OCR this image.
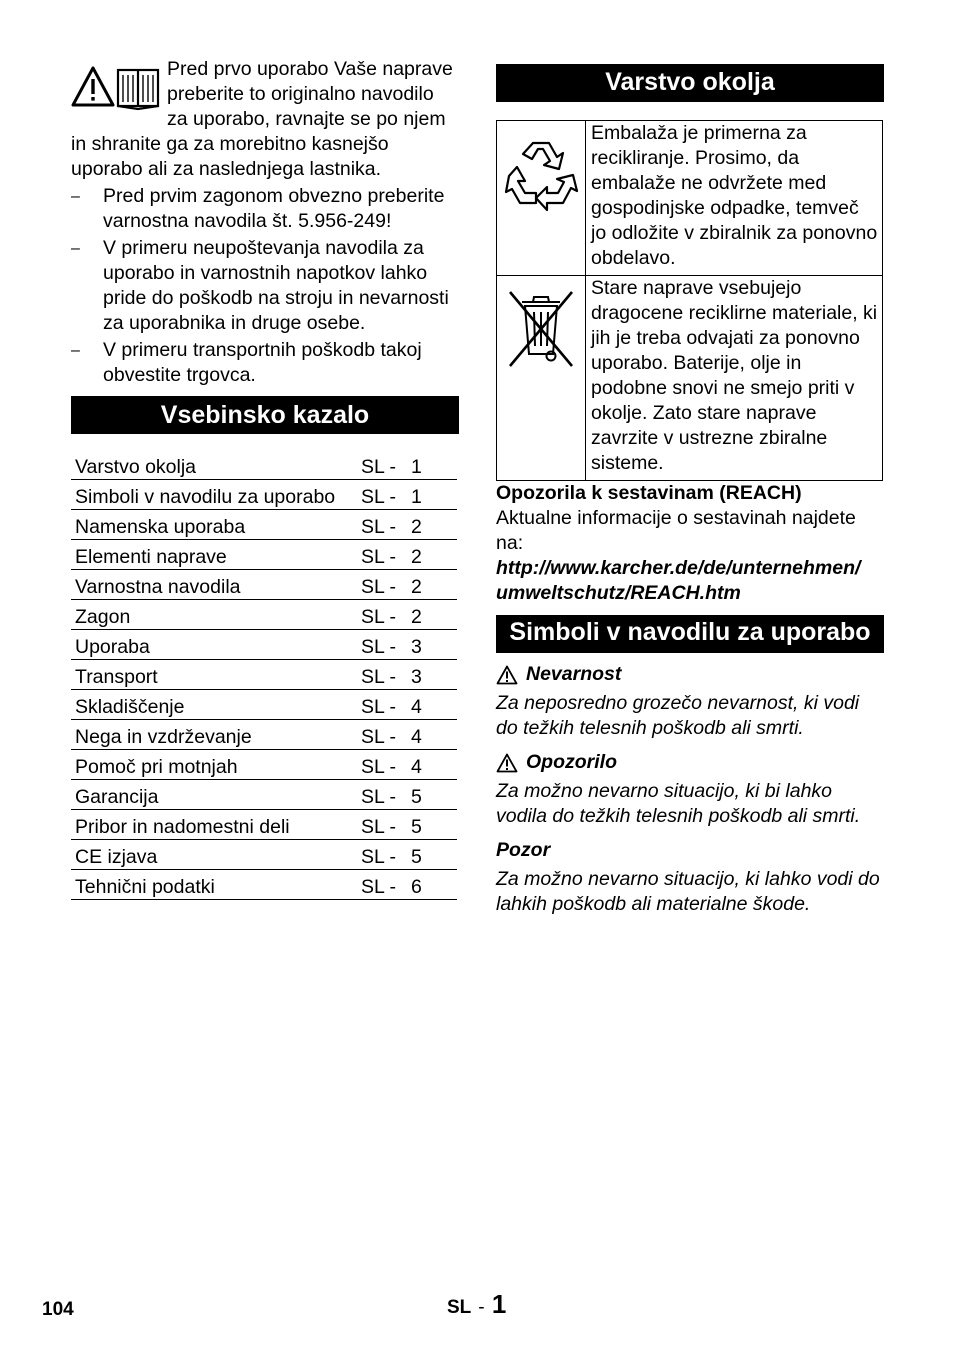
Pred prvo uporabo Vaše naprave preberite to originalno navodilo za uporabo, ravnajte se po njem in shranite ga za morebitno kasnejšo uporabo ali za naslednjega lastnika.

– Pred prvim zagonom obvezno preberite varnostna navodila št. 5.956-249!
– V primeru neupoštevanja navodila za uporabo in varnostnih napotkov lahko pride do poškodb na stroju in nevarnosti za uporabnika in druge osebe.
– V primeru transportnih poškodb takoj obvestite trgovca.
Vsebinsko kazalo
Varstvo okolja	SL - 1
Simboli v navodilu za uporabo	SL - 1
Namenska uporaba	SL - 2
Elementi naprave	SL - 2
Varnostna navodila	SL - 2
Zagon	SL - 2
Uporaba	SL - 3
Transport	SL - 3
Skladiščenje	SL - 4
Nega in vzdrževanje	SL - 4
Pomoč pri motnjah	SL - 4
Garancija	SL - 5
Pribor in nadomestni deli	SL - 5
CE izjava	SL - 5
Tehnični podatki	SL - 6
Varstvo okolja
	Embalaža je primerna za recikliranje. Prosimo, da embalaže ne odvržete med gospodinjske odpadke, temveč jo odložite v zbiralnik za ponovno obdelavo.

	Stare naprave vsebujejo dragocene reciklirne materiale, ki jih je treba odvajati za ponovno uporabo. Baterije, olje in podobne snovi ne smejo priti v okolje. Zato stare naprave zavrzite v ustrezne zbiralne sisteme.

Opozorila k sestavinam (REACH)

Aktualne informacije o sestavinah najdete na:

http://www.karcher.de/de/unternehmen/
umweltschutz/REACH.htm

Simboli v navodilu za uporabo
Nevarnost

Za neposredno grozečo nevarnost, ki vodi do težkih telesnih poškodb ali smrti.

Opozorilo

Za možno nevarno situacijo, ki bi lahko vodila do težkih telesnih poškodb ali smrti.

Pozor

Za možno nevarno situacijo, ki lahko vodi do lahkih poškodb ali materialne škode.

104	SL - 1
